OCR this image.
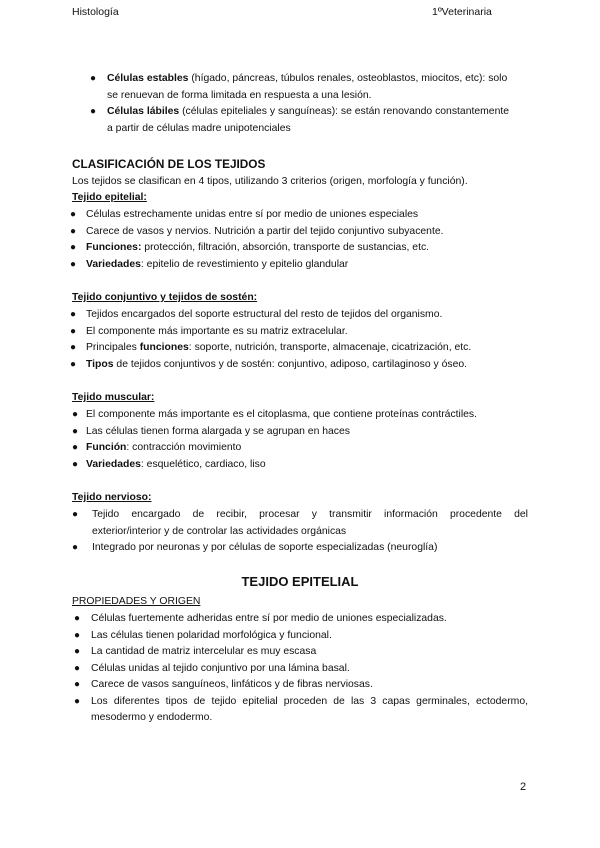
Histología	1ºVeterinaria
●	Células estables (hígado, páncreas, túbulos renales, osteoblastos, miocitos, etc): solo
se renuevan de forma limitada en respuesta a una lesión.
●	Células lábiles (células epiteliales y sanguíneas): se están renovando constantemente
a partir de células madre unipotenciales
CLASIFICACIÓN DE LOS TEJIDOS
Los tejidos se clasifican en 4 tipos, utilizando 3 criterios (origen, morfología y función).
Tejido epitelial:
● Células estrechamente unidas entre sí por medio de uniones especiales
● Carece de vasos y nervios. Nutrición a partir del tejido conjuntivo subyacente.
● Funciones: protección, filtración, absorción, transporte de sustancias, etc.
● Variedades: epitelio de revestimiento y epitelio glandular
Tejido conjuntivo y tejidos de sostén:
● Tejidos encargados del soporte estructural del resto de tejidos del organismo.
● El componente más importante es su matriz extracelular.
● Principales funciones: soporte, nutrición, transporte, almacenaje, cicatrización, etc.
● Tipos de tejidos conjuntivos y de sostén: conjuntivo, adiposo, cartilaginoso y óseo.
Tejido muscular:
● El componente más importante es el citoplasma, que contiene proteínas contráctiles.
● Las células tienen forma alargada y se agrupan en haces
● Función: contracción movimiento
● Variedades: esquelético, cardiaco, liso
Tejido nervioso:
● Tejido encargado de recibir, procesar y transmitir información procedente del
exterior/interior y de controlar las actividades orgánicas
●	Integrado por neuronas y por células de soporte especializadas (neuroglía)
TEJIDO EPITELIAL
PROPIEDADES Y ORIGEN
●	Células fuertemente adheridas entre sí por medio de uniones especializadas.
●	Las células tienen polaridad morfológica y funcional.
●	La cantidad de matriz intercelular es muy escasa
●	Células unidas al tejido conjuntivo por una lámina basal.
●	Carece de vasos sanguíneos, linfáticos y de fibras nerviosas.
● Los diferentes tipos de tejido epitelial proceden de las 3 capas germinales, ectodermo,
mesodermo y endodermo.
2
